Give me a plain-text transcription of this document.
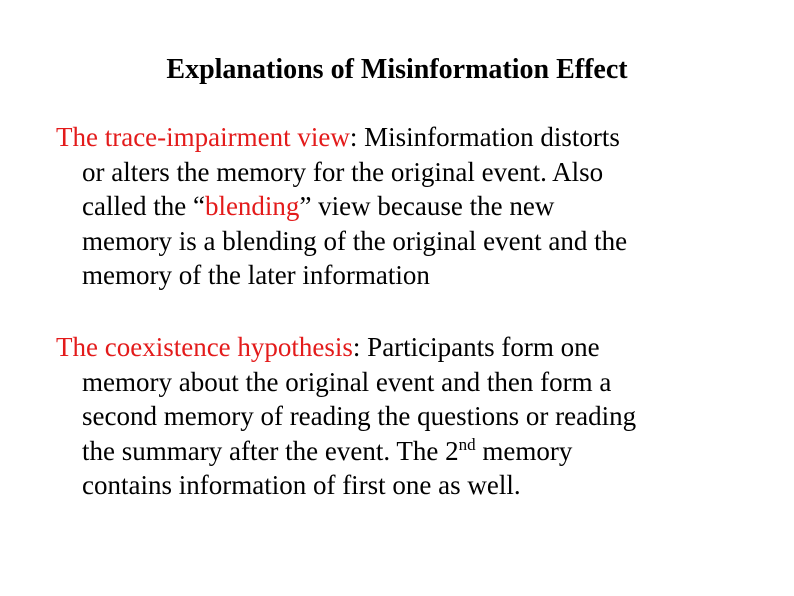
Explanations of Misinformation Effect
The trace-impairment view: Misinformation distorts
or alters the memory for the original event. Also
called the “blending” view because the new
memory is a blending of the original event and the
memory of the later information
The coexistence hypothesis: Participants form one
memory about the original event and then form a
second memory of reading the questions or reading
the summary after the event. The 2nd memory
contains information of first one as well.
